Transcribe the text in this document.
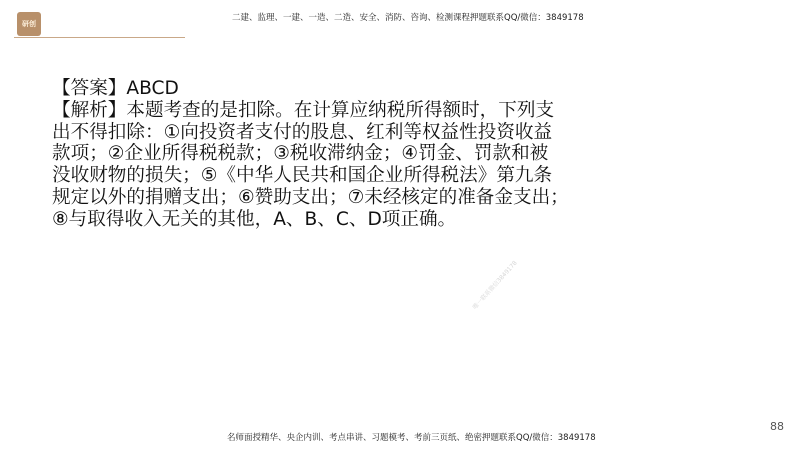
研创
二建、监理、一建、一造、二造、安全、消防、咨询、检测课程押题联系QQ/微信：3849178
【答案】ABCD
【解析】本题考查的是扣除。在计算应纳税所得额时，下列支
出不得扣除：①向投资者支付的股息、红利等权益性投资收益
款项；②企业所得税税款；③税收滞纳金；④罚金、罚款和被
没收财物的损失；⑤《中华人民共和国企业所得税法》第九条
规定以外的捐赠支出；⑥赞助支出；⑦未经核定的准备金支出；
⑧与取得收入无关的其他，A、B、C、D项正确。
唯一联系微信3849178
名师面授精华、央企内训、考点串讲、习题模考、考前三页纸、绝密押题联系QQ/微信：3849178
88
